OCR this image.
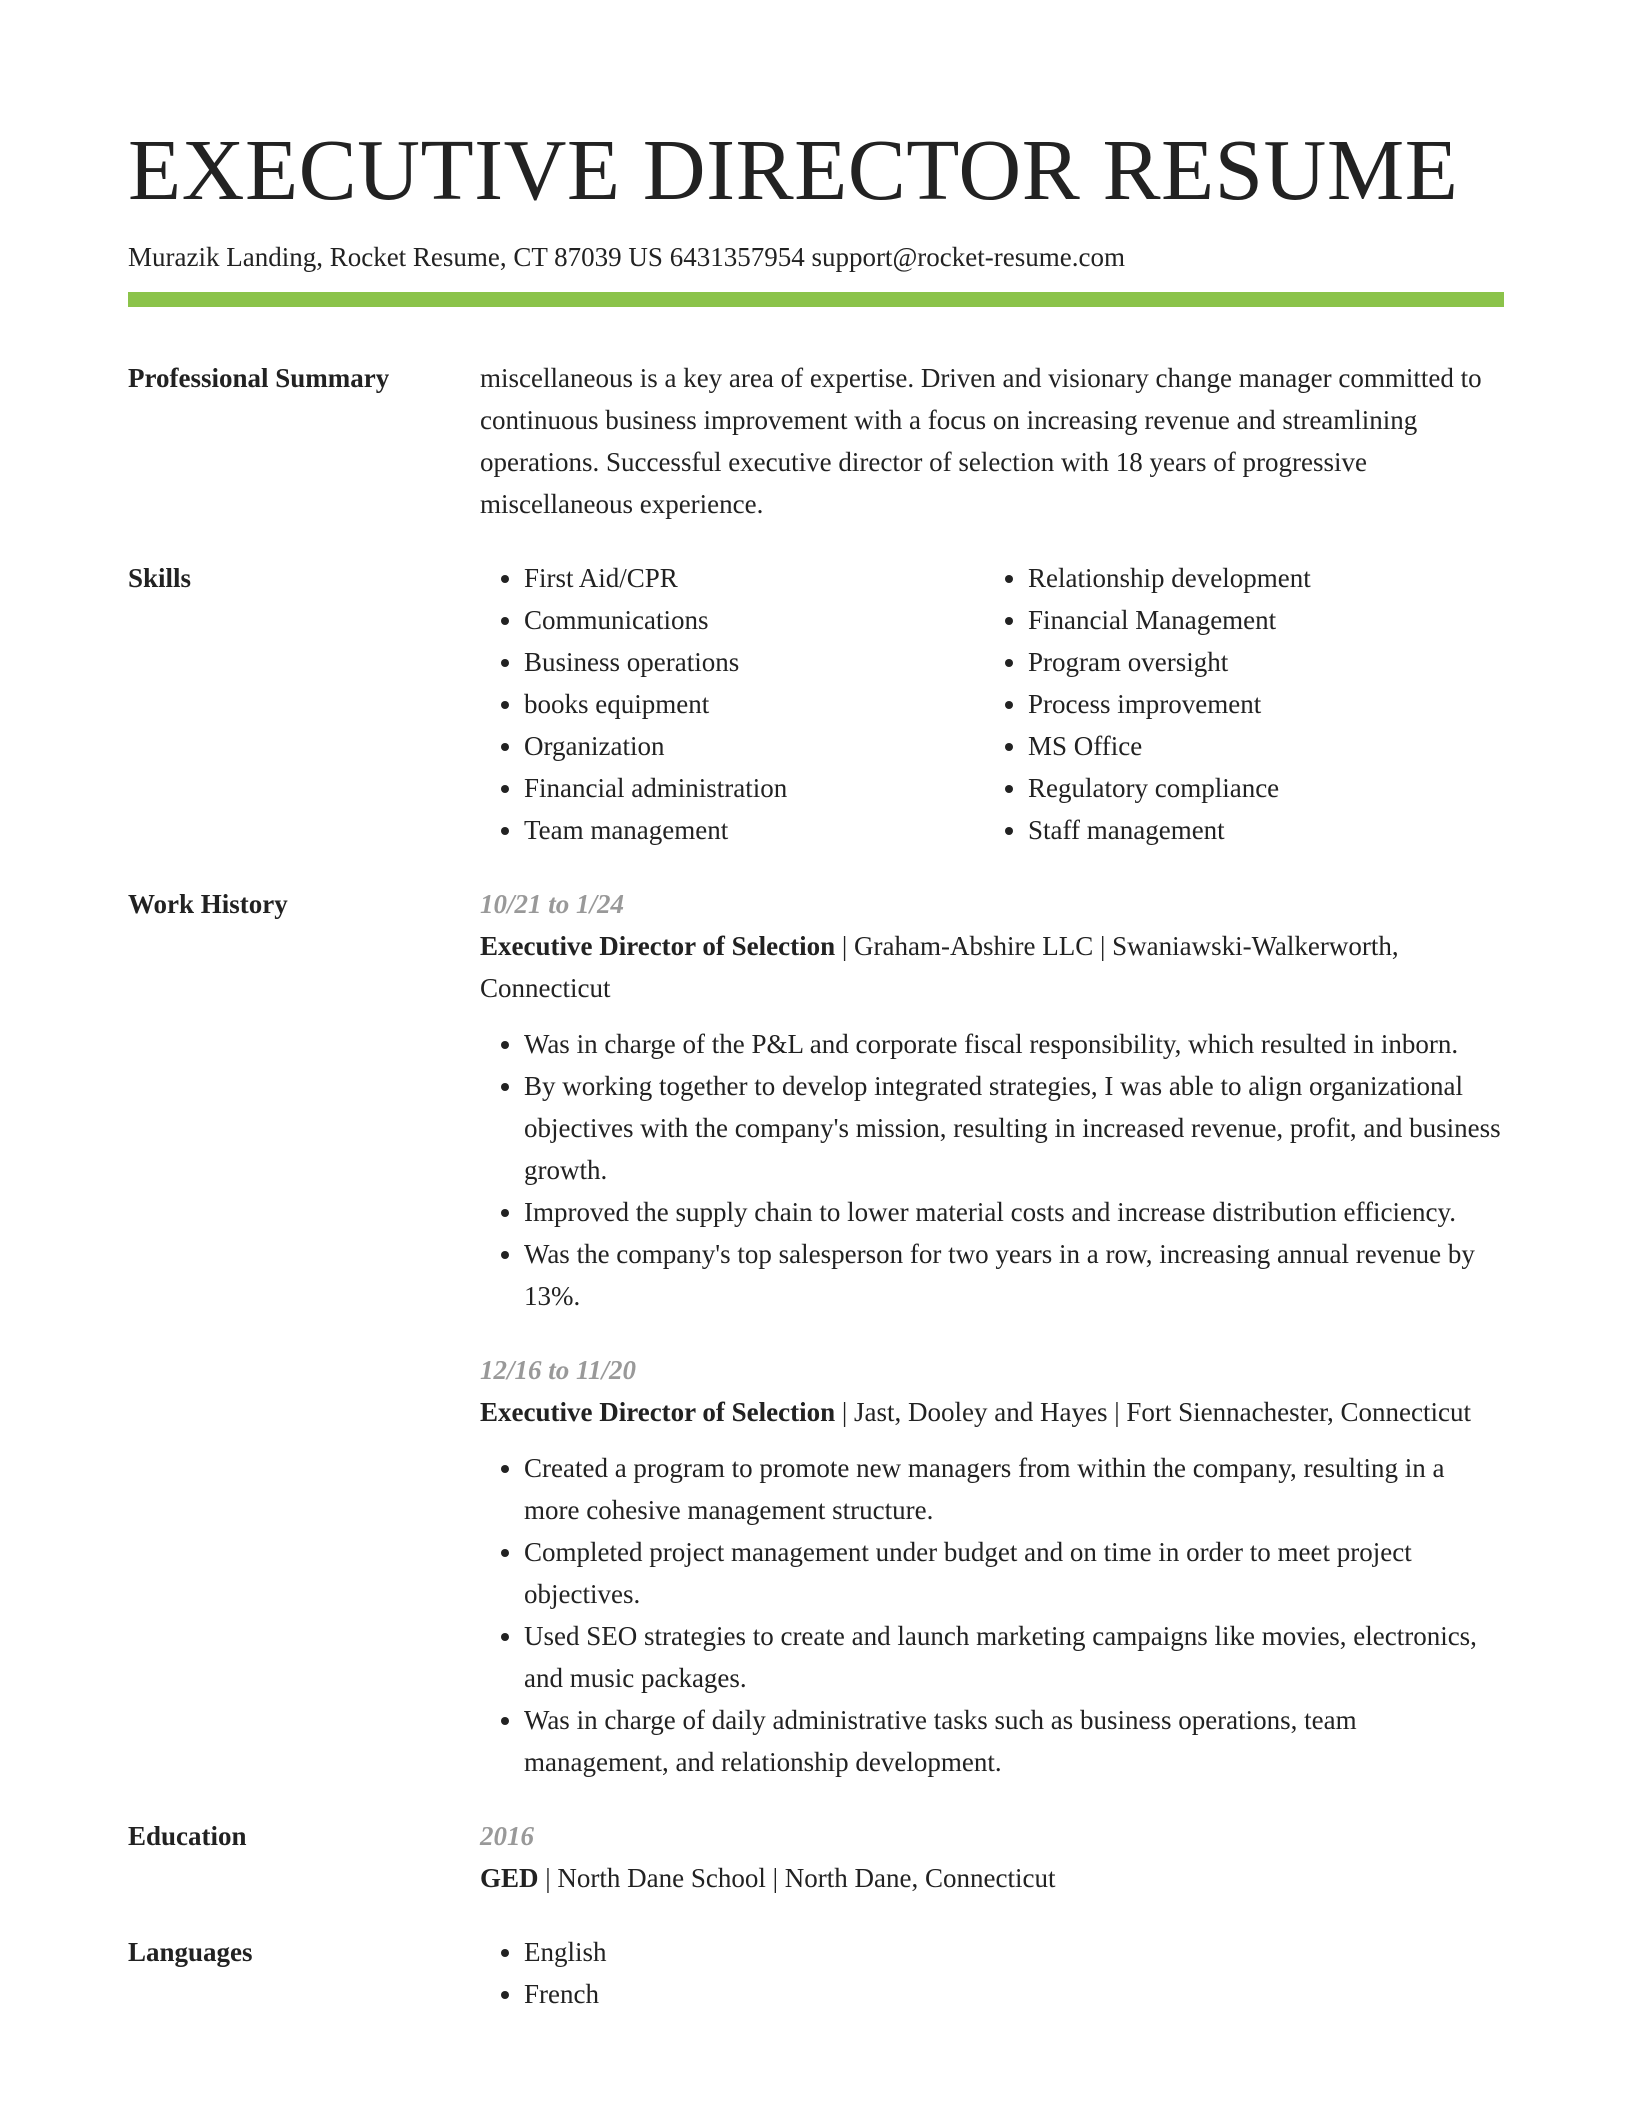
EXECUTIVE DIRECTOR RESUME
Murazik Landing, Rocket Resume, CT 87039 US 6431357954 support@rocket-resume.com
Professional Summary	miscellaneous is a key area of expertise. Driven and visionary change manager committed to continuous business improvement with a focus on increasing revenue and streamlining operations. Successful executive director of selection with 18 years of progressive miscellaneous experience.

Skills	• First Aid/CPR
• Communications
• Business operations
• books equipment
• Organization
• Financial administration
• Team management
• Relationship development
• Financial Management
• Program oversight
• Process improvement
• MS Office
• Regulatory compliance
• Staff management
Work History	10/21 to 1/24
Executive Director of Selection | Graham-Abshire LLC | Swaniawski-Walkerworth, Connecticut
• Was in charge of the P&L and corporate fiscal responsibility, which resulted in inborn.
• By working together to develop integrated strategies, I was able to align organizational objectives with the company's mission, resulting in increased revenue, profit, and business growth.
• Improved the supply chain to lower material costs and increase distribution efficiency.
• Was the company's top salesperson for two years in a row, increasing annual revenue by 13%.
12/16 to 11/20
Executive Director of Selection | Jast, Dooley and Hayes | Fort Siennachester, Connecticut
• Created a program to promote new managers from within the company, resulting in a more cohesive management structure.
• Completed project management under budget and on time in order to meet project objectives.
• Used SEO strategies to create and launch marketing campaigns like movies, electronics, and music packages.
• Was in charge of daily administrative tasks such as business operations, team management, and relationship development.
Education	2016
GED | North Dane School | North Dane, Connecticut
Languages	• English
• French
